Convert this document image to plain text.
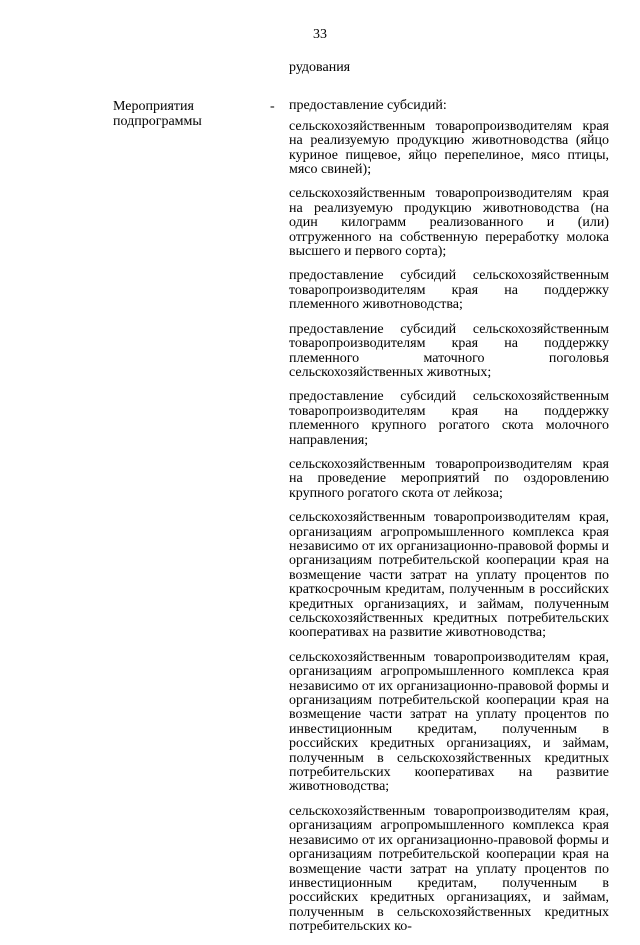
33
Мероприятия подпрограммы
-

рудования

предоставление субсидий:

сельскохозяйственным товаропроизводителям края на реализуемую продукцию животноводства (яйцо куриное пищевое, яйцо перепелиное, мясо птицы, мясо свиней);

сельскохозяйственным товаропроизводителям края на реализуемую продукцию животноводства (на один килограмм реализованного и (или) отгруженного на собственную переработку молока высшего и первого сорта);

предоставление субсидий сельскохозяйственным товаропроизводителям края на поддержку племенного животноводства;

предоставление субсидий сельскохозяйственным товаропроизводителям края на поддержку племенного маточного поголовья сельскохозяйственных животных;

предоставление субсидий сельскохозяйственным товаропроизводителям края на поддержку племенного крупного рогатого скота молочного направления;

сельскохозяйственным товаропроизводителям края на проведение мероприятий по оздоровлению крупного рогатого скота от лейкоза;

сельскохозяйственным товаропроизводителям края, организациям агропромышленного комплекса края независимо от их организационно-правовой формы и организациям потребительской кооперации края на возмещение части затрат на уплату процентов по краткосрочным кредитам, полученным в российских кредитных организациях, и займам, полученным сельскохозяйственных кредитных потребительских кооперативах на развитие животноводства;

сельскохозяйственным товаропроизводителям края, организациям агропромышленного комплекса края независимо от их организационно-правовой формы и организациям потребительской кооперации края на возмещение части затрат на уплату процентов по инвестиционным кредитам, полученным в российских кредитных организациях, и займам, полученным в сельскохозяйственных кредитных потребительских кооперативах на развитие животноводства;

сельскохозяйственным товаропроизводителям края, организациям агропромышленного комплекса края независимо от их организационно-правовой формы и организациям потребительской кооперации края на возмещение части затрат на уплату процентов по инвестиционным кредитам, полученным в российских кредитных организациях, и займам, полученным в сельскохозяйственных кредитных потребительских ко-
